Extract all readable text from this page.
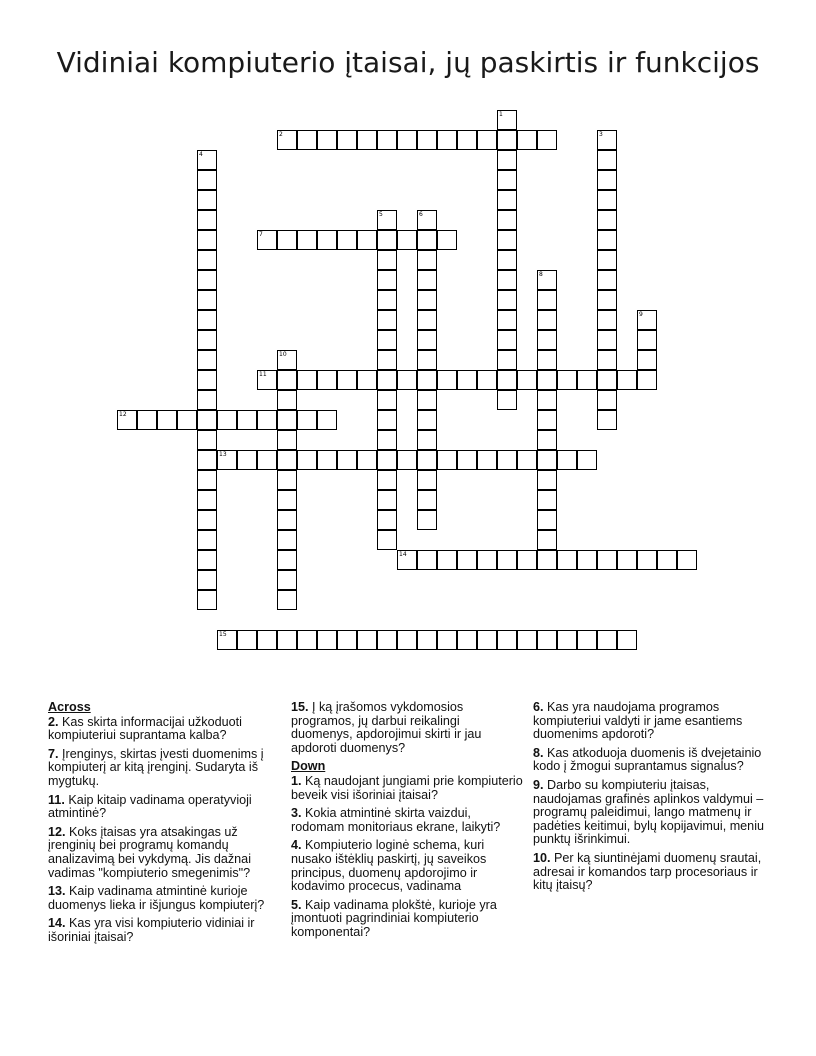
Vidiniai kompiuterio įtaisai, jų paskirtis ir funkcijos
1
2	3
4
5	6
7
8
9
10
11
12
13
14
15
Across
2. Kas skirta informacijai užkoduoti kompiuteriui suprantama kalba?
7. Įrenginys, skirtas įvesti duomenims į kompiuterį ar kitą įrenginį. Sudaryta iš mygtukų.
11. Kaip kitaip vadinama operatyvioji atmintinė?
12. Koks įtaisas yra atsakingas už įrenginių bei programų komandų analizavimą bei vykdymą. Jis dažnai vadimas "kompiuterio smegenimis"?
13. Kaip vadinama atmintinė kurioje duomenys lieka ir išjungus kompiuterį?
14. Kas yra visi kompiuterio vidiniai ir išoriniai įtaisai?
15. Į ką įrašomos vykdomosios programos, jų darbui reikalingi duomenys, apdorojimui skirti ir jau apdoroti duomenys?
Down
1. Ką naudojant jungiami prie kompiuterio beveik visi išoriniai įtaisai?
3. Kokia atmintinė skirta vaizdui, rodomam monitoriaus ekrane, laikyti?
4. Kompiuterio loginė schema, kuri nusako ištėklių paskirtį, jų saveikos principus, duomenų apdorojimo ir kodavimo procecus, vadinama
5. Kaip vadinama plokštė, kurioje yra įmontuoti pagrindiniai kompiuterio komponentai?
6. Kas yra naudojama programos kompiuteriui valdyti ir jame esantiems duomenims apdoroti?
8. Kas atkoduoja duomenis iš dvejetainio kodo į žmogui suprantamus signalus?
9. Darbo su kompiuteriu įtaisas, naudojamas grafinės aplinkos valdymui – programų paleidimui, lango matmenų ir padėties keitimui, bylų kopijavimui, meniu punktų išrinkimui.
10. Per ką siuntinėjami duomenų srautai, adresai ir komandos tarp procesoriaus ir kitų įtaisų?
